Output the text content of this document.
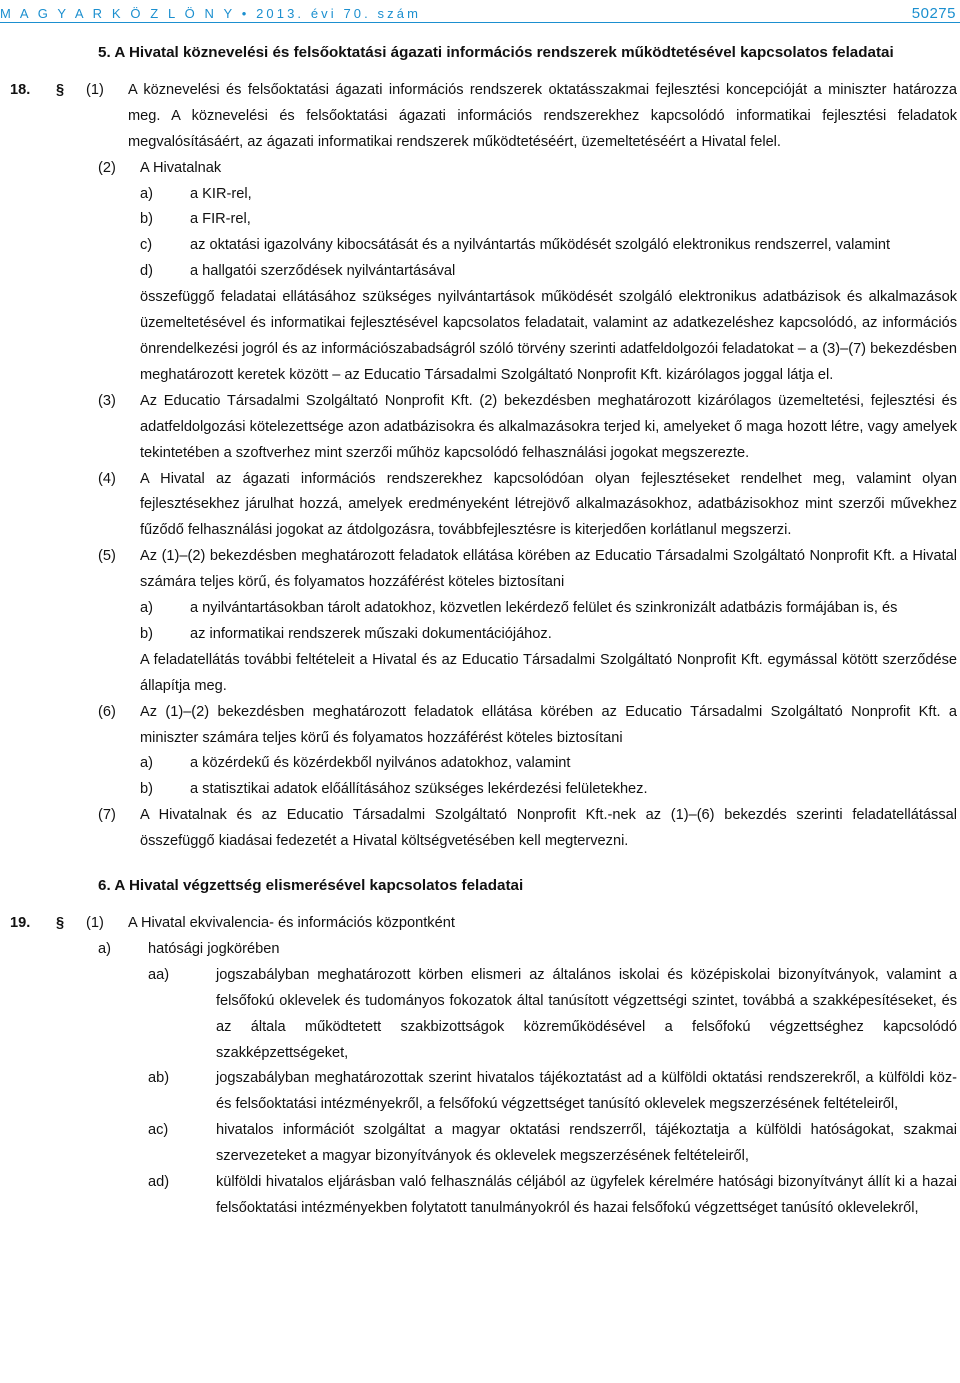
M A G Y A R K Ö Z L Ö N Y • 2013. évi 70. szám	50275
5. A Hivatal köznevelési és felsőoktatási ágazati információs rendszerek működtetésével kapcsolatos feladatai
18.	§	(1)	A köznevelési és felsőoktatási ágazati információs rendszerek oktatásszakmai fejlesztési koncepcióját a miniszter határozza meg. A köznevelési és felsőoktatási ágazati információs rendszerekhez kapcsolódó informatikai fejlesztési feladatok megvalósításáért, az ágazati informatikai rendszerek működtetéséért, üzemeltetéséért a Hivatal felel.
(2)	A Hivatalnak
a)	a KIR-rel,
b)	a FIR-rel,
c)	az oktatási igazolvány kibocsátását és a nyilvántartás működését szolgáló elektronikus rendszerrel, valamint
d)	a hallgatói szerződések nyilvántartásával
összefüggő feladatai ellátásához szükséges nyilvántartások működését szolgáló elektronikus adatbázisok és alkalmazások üzemeltetésével és informatikai fejlesztésével kapcsolatos feladatait, valamint az adatkezeléshez kapcsolódó, az információs önrendelkezési jogról és az információszabadságról szóló törvény szerinti adatfeldolgozói feladatokat – a (3)–(7) bekezdésben meghatározott keretek között – az Educatio Társadalmi Szolgáltató Nonprofit Kft. kizárólagos joggal látja el.
(3)	Az Educatio Társadalmi Szolgáltató Nonprofit Kft. (2) bekezdésben meghatározott kizárólagos üzemeltetési, fejlesztési és adatfeldolgozási kötelezettsége azon adatbázisokra és alkalmazásokra terjed ki, amelyeket ő maga hozott létre, vagy amelyek tekintetében a szoftverhez mint szerzői műhöz kapcsolódó felhasználási jogokat megszerezte.
(4)	A Hivatal az ágazati információs rendszerekhez kapcsolódóan olyan fejlesztéseket rendelhet meg, valamint olyan fejlesztésekhez járulhat hozzá, amelyek eredményeként létrejövő alkalmazásokhoz, adatbázisokhoz mint szerzői művekhez fűződő felhasználási jogokat az átdolgozásra, továbbfejlesztésre is kiterjedően korlátlanul megszerzi.
(5)	Az (1)–(2) bekezdésben meghatározott feladatok ellátása körében az Educatio Társadalmi Szolgáltató Nonprofit Kft. a Hivatal számára teljes körű, és folyamatos hozzáférést köteles biztosítani
a)	a nyilvántartásokban tárolt adatokhoz, közvetlen lekérdező felület és szinkronizált adatbázis formájában is, és
b)	az informatikai rendszerek műszaki dokumentációjához.
A feladatellátás további feltételeit a Hivatal és az Educatio Társadalmi Szolgáltató Nonprofit Kft. egymással kötött szerződése állapítja meg.
(6)	Az (1)–(2) bekezdésben meghatározott feladatok ellátása körében az Educatio Társadalmi Szolgáltató Nonprofit Kft. a miniszter számára teljes körű és folyamatos hozzáférést köteles biztosítani
a)	a közérdekű és közérdekből nyilvános adatokhoz, valamint
b)	a statisztikai adatok előállításához szükséges lekérdezési felületekhez.
(7)	A Hivatalnak és az Educatio Társadalmi Szolgáltató Nonprofit Kft.-nek az (1)–(6) bekezdés szerinti feladatellátással összefüggő kiadásai fedezetét a Hivatal költségvetésében kell megtervezni.
6. A Hivatal végzettség elismerésével kapcsolatos feladatai
19.	§	(1)	A Hivatal ekvivalencia- és információs központként
a)	hatósági jogkörében
aa)	jogszabályban meghatározott körben elismeri az általános iskolai és középiskolai bizonyítványok, valamint a felsőfokú oklevelek és tudományos fokozatok által tanúsított végzettségi szintet, továbbá a szakképesítéseket, és az általa működtetett szakbizottságok közreműködésével a felsőfokú végzettséghez kapcsolódó szakképzettségeket,
ab)	jogszabályban meghatározottak szerint hivatalos tájékoztatást ad a külföldi oktatási rendszerekről, a külföldi köz- és felsőoktatási intézményekről, a felsőfokú végzettséget tanúsító oklevelek megszerzésének feltételeiről,
ac)	hivatalos információt szolgáltat a magyar oktatási rendszerről, tájékoztatja a külföldi hatóságokat, szakmai szervezeteket a magyar bizonyítványok és oklevelek megszerzésének feltételeiről,
ad)	külföldi hivatalos eljárásban való felhasználás céljából az ügyfelek kérelmére hatósági bizonyítványt állít ki a hazai felsőoktatási intézményekben folytatott tanulmányokról és hazai felsőfokú végzettséget tanúsító oklevelekről,
